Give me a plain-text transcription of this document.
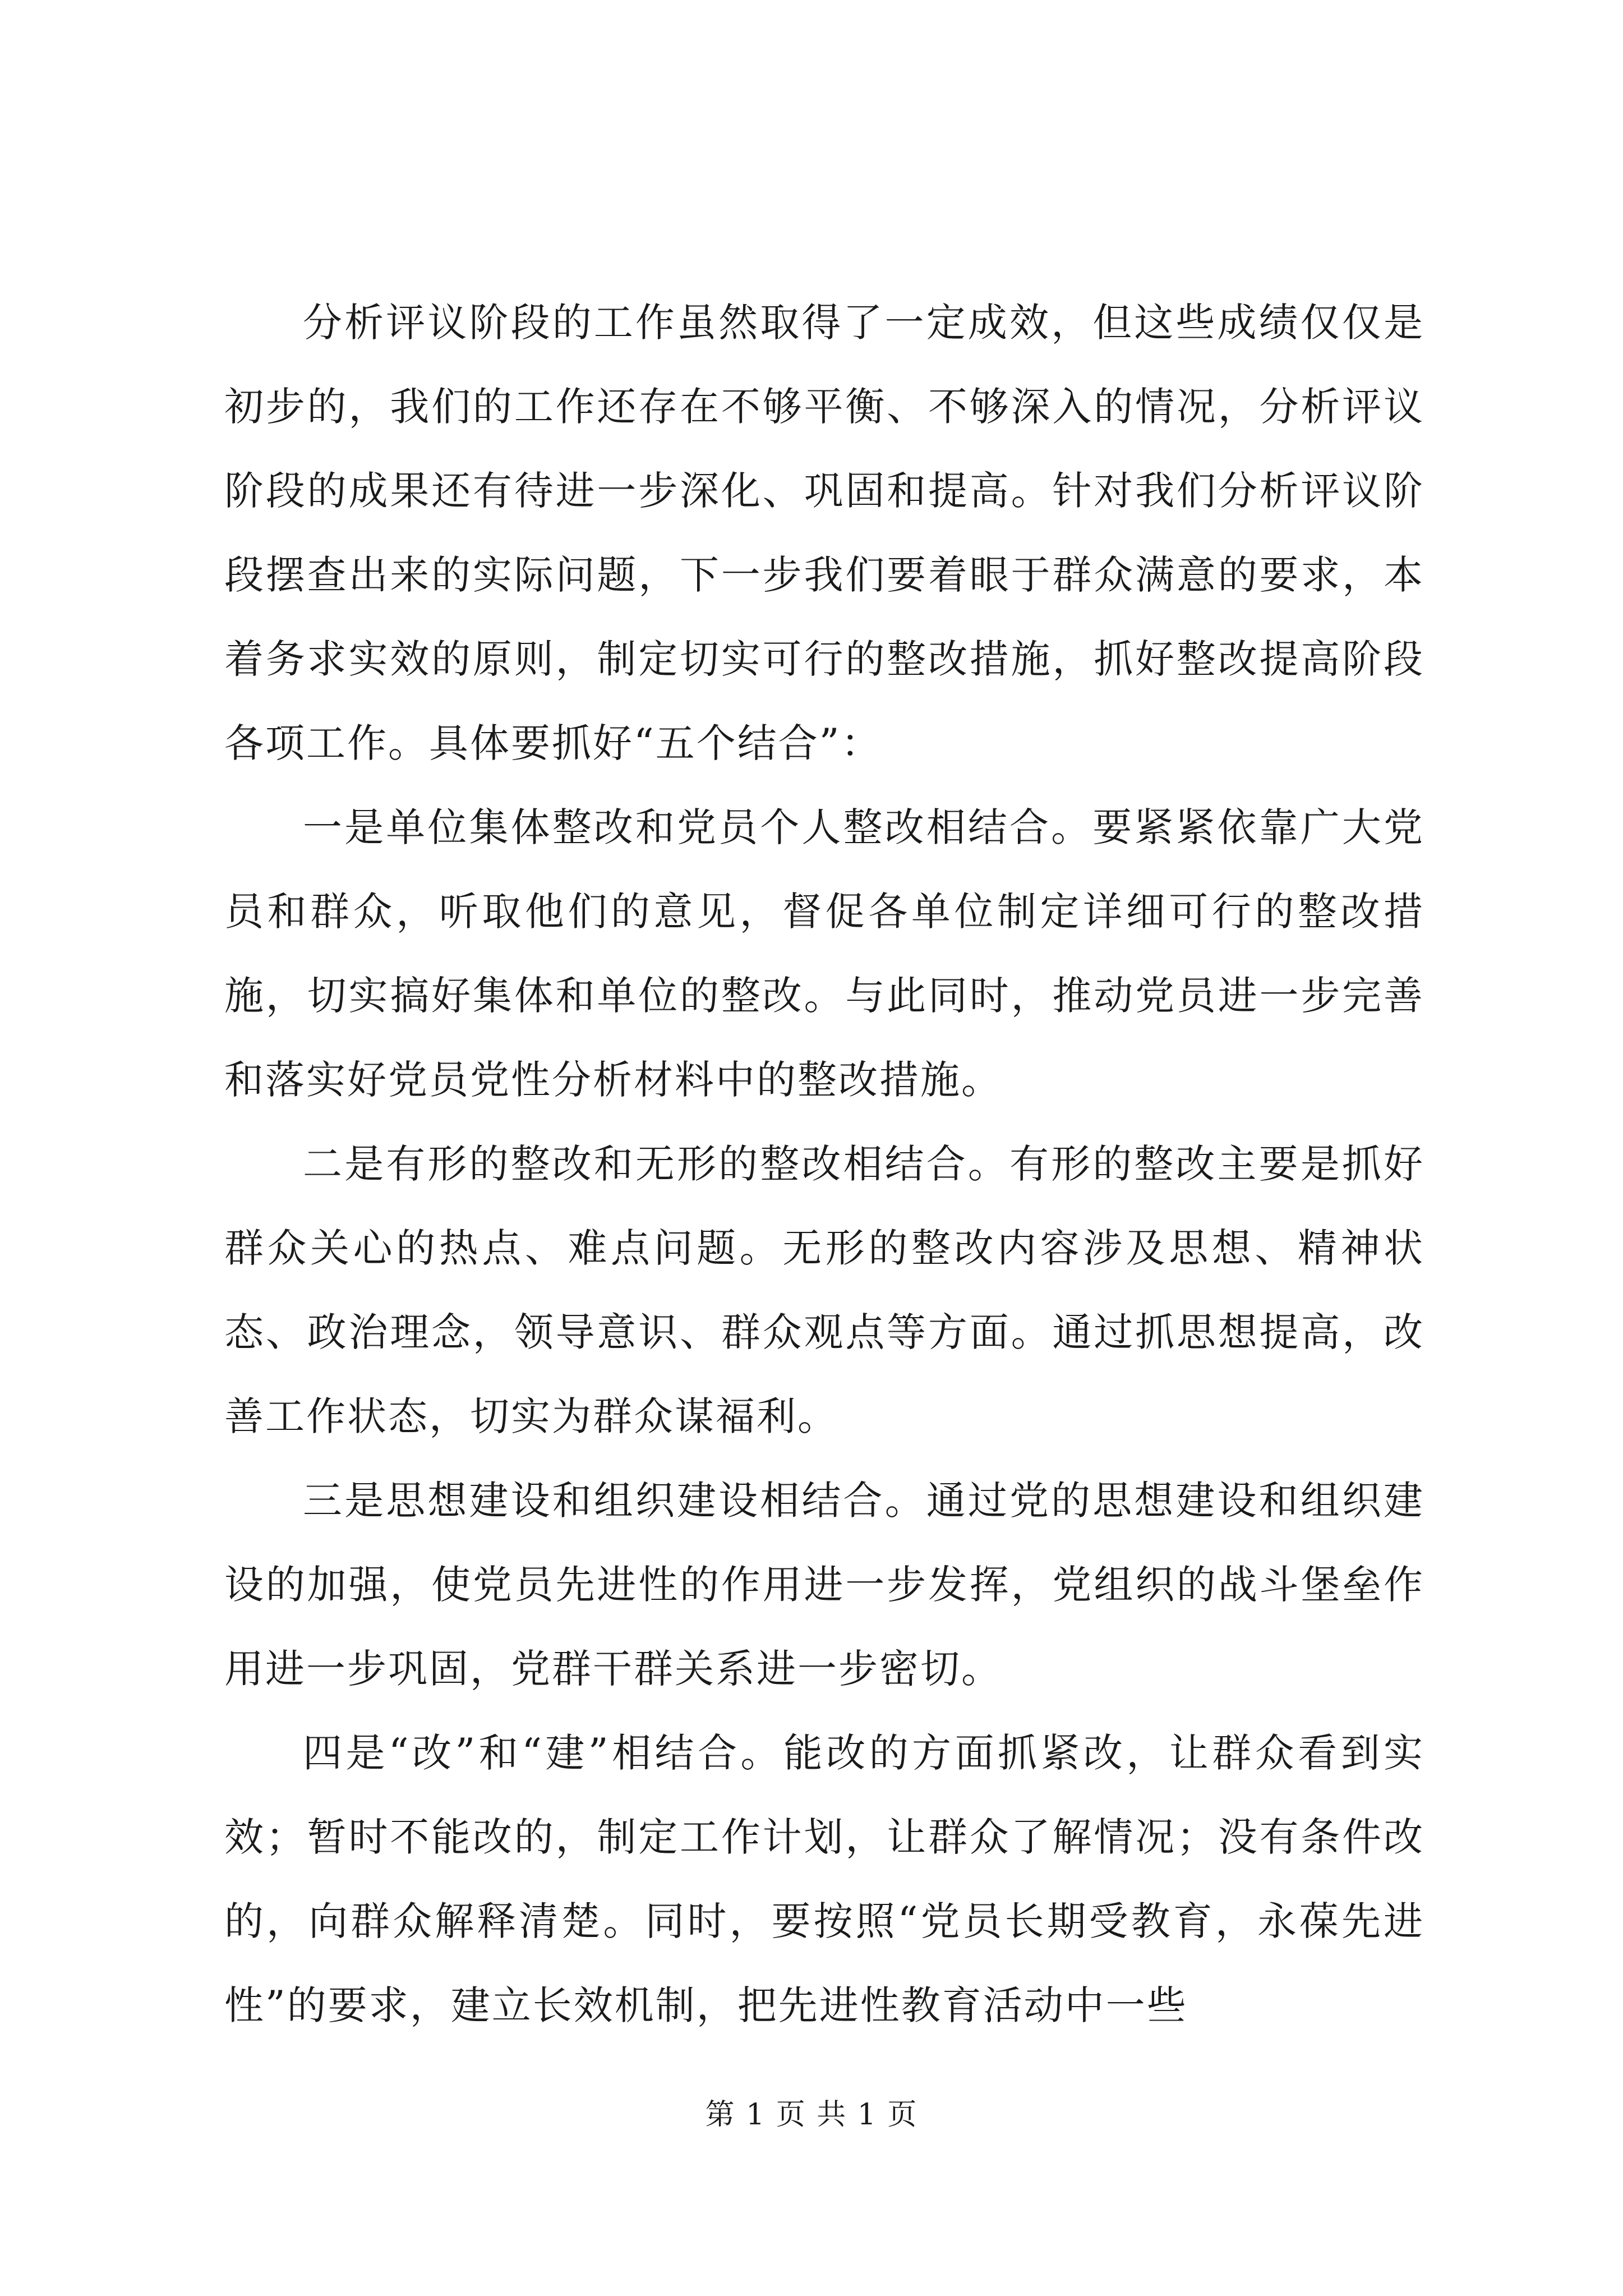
分析评议阶段的工作虽然取得了一定成效，但这些成绩仅仅是初步的，我们的工作还存在不够平衡、不够深入的情况，分析评议阶段的成果还有待进一步深化、巩固和提高。针对我们分析评议阶段摆查出来的实际问题，下一步我们要着眼于群众满意的要求，本着务求实效的原则，制定切实可行的整改措施，抓好整改提高阶段各项工作。具体要抓好“五个结合”：

一是单位集体整改和党员个人整改相结合。要紧紧依靠广大党员和群众，听取他们的意见，督促各单位制定详细可行的整改措施，切实搞好集体和单位的整改。与此同时，推动党员进一步完善和落实好党员党性分析材料中的整改措施。

二是有形的整改和无形的整改相结合。有形的整改主要是抓好群众关心的热点、难点问题。无形的整改内容涉及思想、精神状态、政治理念，领导意识、群众观点等方面。通过抓思想提高，改善工作状态，切实为群众谋福利。

三是思想建设和组织建设相结合。通过党的思想建设和组织建设的加强，使党员先进性的作用进一步发挥，党组织的战斗堡垒作用进一步巩固，党群干群关系进一步密切。

四是“改”和“建”相结合。能改的方面抓紧改，让群众看到实效；暂时不能改的，制定工作计划，让群众了解情况；没有条件改的，向群众解释清楚。同时，要按照“党员长期受教育，永葆先进性”的要求，建立长效机制，把先进性教育活动中一些

第 1 页 共 1 页
